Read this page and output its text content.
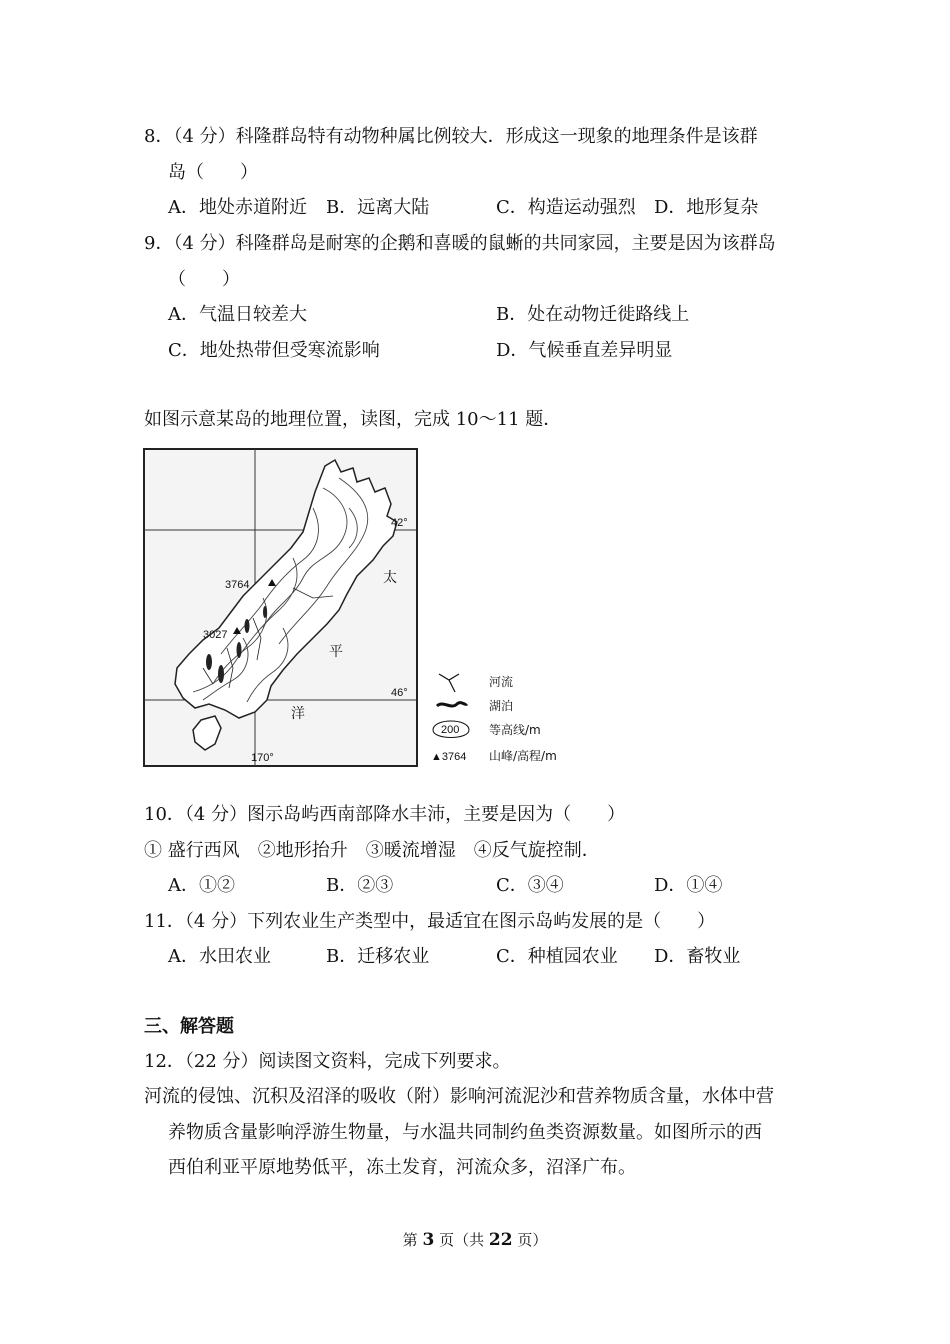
8．（4 分）科隆群岛特有动物种属比例较大．形成这一现象的地理条件是该群
岛（　　）
A．地处赤道附近 B．远离大陆	C．构造运动强烈 D．地形复杂
9．（4 分）科隆群岛是耐寒的企鹅和喜暖的鼠蜥的共同家园，主要是因为该群岛
（　　）
A．气温日较差大	B．处在动物迁徙路线上
C．地处热带但受寒流影响	D．气候垂直差异明显
如图示意某岛的地理位置，读图，完成 10～11 题．
3764
3027
42°
46°
170°
太
平
洋
河流
湖泊
200 等高线/m
▲3764 山峰/高程/m
10．（4 分）图示岛屿西南部降水丰沛，主要是因为（　　）
① 盛行西风　②地形抬升　③暖流增湿　④反气旋控制．
A．①②	B．②③	C．③④	D．①④
11．（4 分）下列农业生产类型中，最适宜在图示岛屿发展的是（　　）
A．水田农业	B．迁移农业	C．种植园农业 D．畜牧业
三、解答题
12．（22 分）阅读图文资料，完成下列要求。
河流的侵蚀、沉积及沼泽的吸收（附）影响河流泥沙和营养物质含量，水体中营
养物质含量影响浮游生物量，与水温共同制约鱼类资源数量。如图所示的西
西伯利亚平原地势低平，冻土发育，河流众多，沼泽广布。
第 3 页（共 22 页）
